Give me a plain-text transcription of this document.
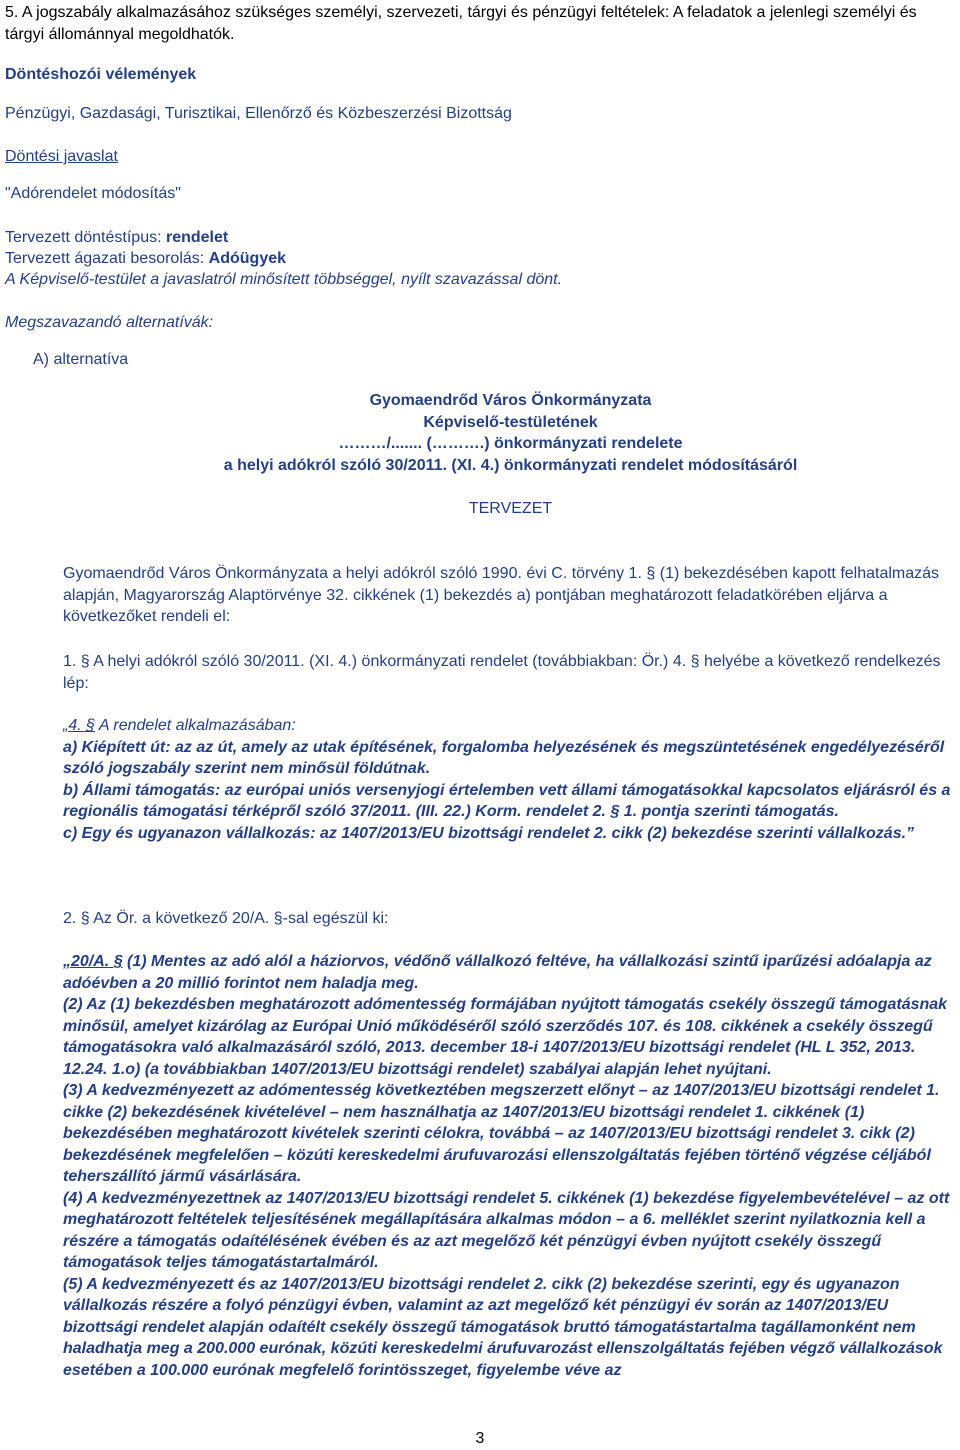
5. A jogszabály alkalmazásához szükséges személyi, szervezeti, tárgyi és pénzügyi feltételek: A feladatok a jelenlegi személyi és tárgyi állománnyal megoldhatók.

Döntéshozói vélemények

Pénzügyi, Gazdasági, Turisztikai, Ellenőrző és Közbeszerzési Bizottság

Döntési javaslat

"Adórendelet módosítás"

Tervezett döntéstípus: rendelet

Tervezett ágazati besorolás: Adóügyek

A Képviselő-testület a javaslatról minősített többséggel, nyílt szavazással dönt.

Megszavazandó alternatívák:

A) alternatíva

Gyomaendrőd Város Önkormányzata

Képviselő-testületének

………/....... (……….) önkormányzati rendelete

a helyi adókról szóló 30/2011. (XI. 4.) önkormányzati rendelet módosításáról

TERVEZET

Gyomaendrőd Város Önkormányzata a helyi adókról szóló 1990. évi C. törvény 1. § (1) bekezdésében kapott felhatalmazás alapján, Magyarország Alaptörvénye 32. cikkének (1) bekezdés a) pontjában meghatározott feladatkörében eljárva a következőket rendeli el:

1. § A helyi adókról szóló 30/2011. (XI. 4.) önkormányzati rendelet (továbbiakban: Ör.) 4. § helyébe a következő rendelkezés lép:

„4. § A rendelet alkalmazásában:

a) Kiépített út: az az út, amely az utak építésének, forgalomba helyezésének és megszüntetésének engedélyezéséről szóló jogszabály szerint nem minősül földútnak.

b) Állami támogatás: az európai uniós versenyjogi értelemben vett állami támogatásokkal kapcsolatos eljárásról és a regionális támogatási térképről szóló 37/2011. (III. 22.) Korm. rendelet 2. § 1. pontja szerinti támogatás.

c) Egy és ugyanazon vállalkozás: az 1407/2013/EU bizottsági rendelet 2. cikk (2) bekezdése szerinti vállalkozás.”

2. § Az Ör. a következő 20/A. §-sal egészül ki:

„20/A. § (1) Mentes az adó alól a háziorvos, védőnő vállalkozó feltéve, ha vállalkozási szintű iparűzési adóalapja az adóévben a 20 millió forintot nem haladja meg.

(2) Az (1) bekezdésben meghatározott adómentesség formájában nyújtott támogatás csekély összegű támogatásnak minősül, amelyet kizárólag az Európai Unió működéséről szóló szerződés 107. és 108. cikkének a csekély összegű támogatásokra való alkalmazásáról szóló, 2013. december 18-i 1407/2013/EU bizottsági rendelet (HL L 352, 2013. 12.24. 1.o) (a továbbiakban 1407/2013/EU bizottsági rendelet) szabályai alapján lehet nyújtani.

(3) A kedvezményezett az adómentesség következtében megszerzett előnyt – az 1407/2013/EU bizottsági rendelet 1. cikke (2) bekezdésének kivételével – nem használhatja az 1407/2013/EU bizottsági rendelet 1. cikkének (1) bekezdésében meghatározott kivételek szerinti célokra, továbbá – az 1407/2013/EU bizottsági rendelet 3. cikk (2) bekezdésének megfelelően – közúti kereskedelmi árufuvarozási ellenszolgáltatás fejében történő végzése céljából teherszállító jármű vásárlására.

(4) A kedvezményezettnek az 1407/2013/EU bizottsági rendelet 5. cikkének (1) bekezdése figyelembevételével – az ott meghatározott feltételek teljesítésének megállapítására alkalmas módon – a 6. melléklet szerint nyilatkoznia kell a részére a támogatás odaítélésének évében és az azt megelőző két pénzügyi évben nyújtott csekély összegű támogatások teljes támogatástartalmáról.

(5) A kedvezményezett és az 1407/2013/EU bizottsági rendelet 2. cikk (2) bekezdése szerinti, egy és ugyanazon vállalkozás részére a folyó pénzügyi évben, valamint az azt megelőző két pénzügyi év során az 1407/2013/EU bizottsági rendelet alapján odaítélt csekély összegű támogatások bruttó támogatástartalma tagállamonként nem haladhatja meg a 200.000 eurónak, közúti kereskedelmi árufuvarozást ellenszolgáltatás fejében végző vállalkozások esetében a 100.000 eurónak megfelelő forintösszeget, figyelembe véve az

3
